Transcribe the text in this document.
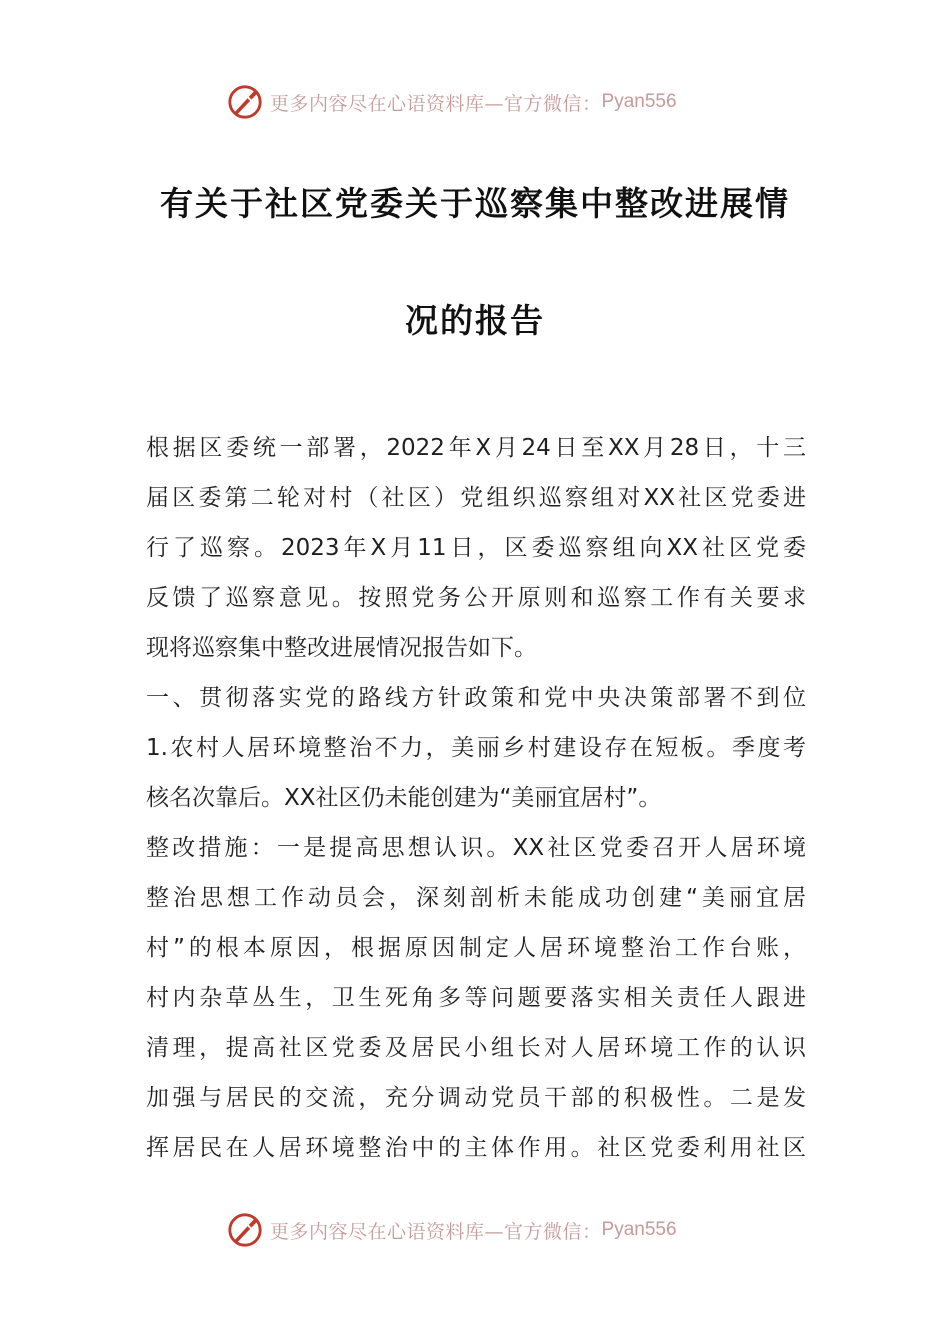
更多内容尽在心语资料库—官方微信： Pyan556
有关于社区党委关于巡察集中整改进展情
况的报告
根据区委统一部署，2022年X月24日至XX月28日，十三
届区委第二轮对村（社区）党组织巡察组对XX社区党委进
行了巡察。2023年X月11日，区委巡察组向XX社区党委
反馈了巡察意见。按照党务公开原则和巡察工作有关要求
现将巡察集中整改进展情况报告如下。
一、贯彻落实党的路线方针政策和党中央决策部署不到位
1.农村人居环境整治不力，美丽乡村建设存在短板。季度考
核名次靠后。XX社区仍未能创建为“美丽宜居村”。
整改措施：一是提高思想认识。XX社区党委召开人居环境
整治思想工作动员会，深刻剖析未能成功创建“美丽宜居
村”的根本原因，根据原因制定人居环境整治工作台账，
村内杂草丛生，卫生死角多等问题要落实相关责任人跟进
清理，提高社区党委及居民小组长对人居环境工作的认识
加强与居民的交流，充分调动党员干部的积极性。二是发
挥居民在人居环境整治中的主体作用。社区党委利用社区
更多内容尽在心语资料库—官方微信： Pyan556
